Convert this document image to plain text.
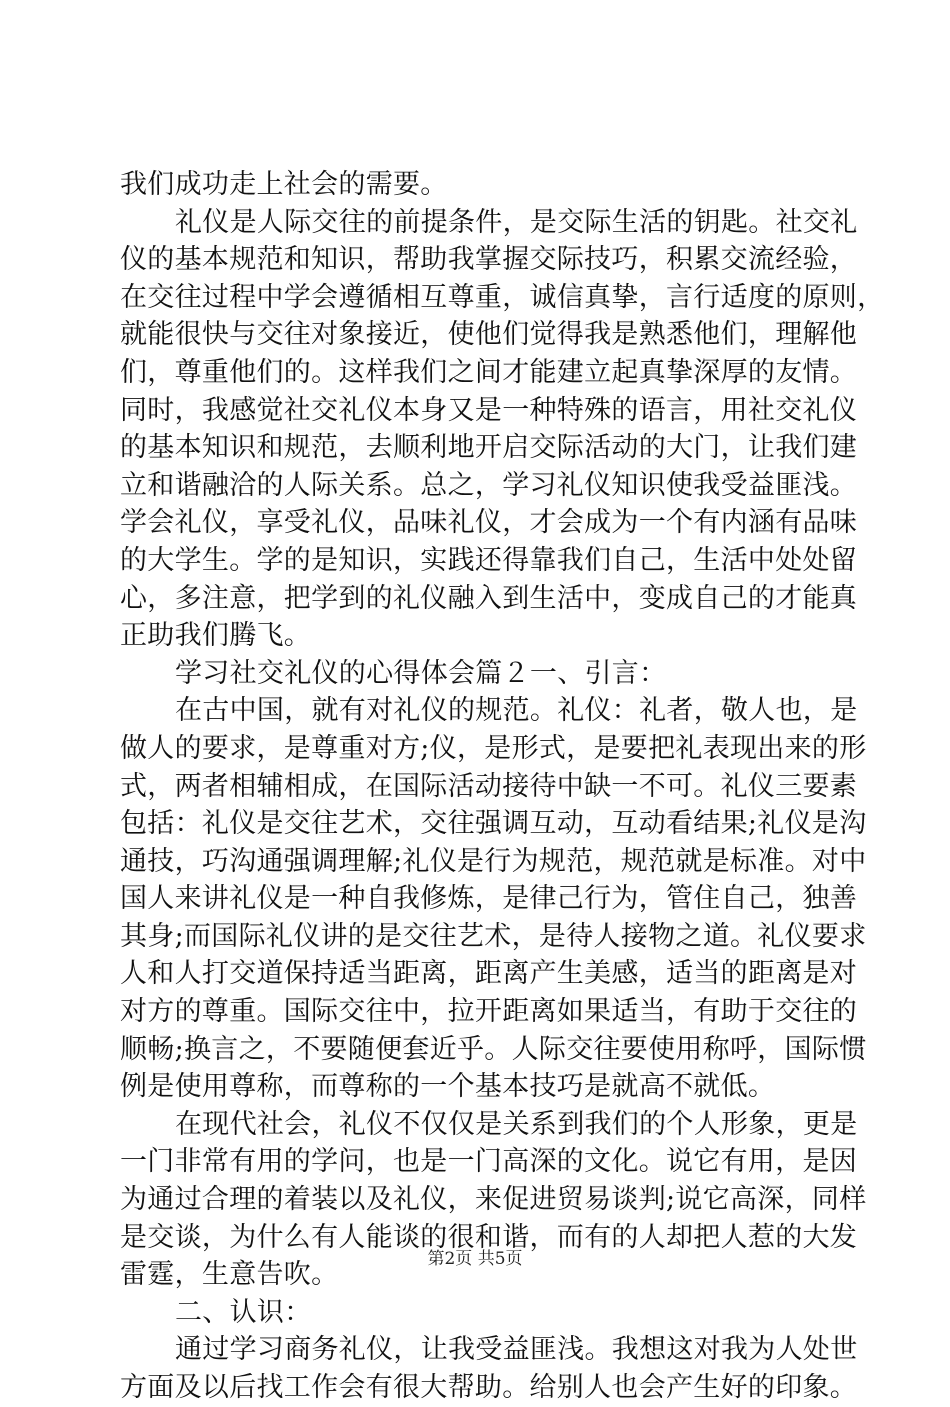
我们成功走上社会的需要。
礼仪是人际交往的前提条件，是交际生活的钥匙。社交礼
仪的基本规范和知识，帮助我掌握交际技巧，积累交流经验，
在交往过程中学会遵循相互尊重，诚信真挚，言行适度的原则，
就能很快与交往对象接近，使他们觉得我是熟悉他们，理解他
们，尊重他们的。这样我们之间才能建立起真挚深厚的友情。
同时，我感觉社交礼仪本身又是一种特殊的语言，用社交礼仪
的基本知识和规范，去顺利地开启交际活动的大门，让我们建
立和谐融洽的人际关系。总之，学习礼仪知识使我受益匪浅。
学会礼仪，享受礼仪，品味礼仪，才会成为一个有内涵有品味
的大学生。学的是知识，实践还得靠我们自己，生活中处处留
心，多注意，把学到的礼仪融入到生活中，变成自己的才能真
正助我们腾飞。
学习社交礼仪的心得体会篇２一、引言：
在古中国，就有对礼仪的规范。礼仪：礼者，敬人也，是
做人的要求，是尊重对方;仪，是形式，是要把礼表现出来的形
式，两者相辅相成，在国际活动接待中缺一不可。礼仪三要素
包括：礼仪是交往艺术，交往强调互动，互动看结果;礼仪是沟
通技，巧沟通强调理解;礼仪是行为规范，规范就是标准。对中
国人来讲礼仪是一种自我修炼，是律己行为，管住自己，独善
其身;而国际礼仪讲的是交往艺术，是待人接物之道。礼仪要求
人和人打交道保持适当距离，距离产生美感，适当的距离是对
对方的尊重。国际交往中，拉开距离如果适当，有助于交往的
顺畅;换言之，不要随便套近乎。人际交往要使用称呼，国际惯
例是使用尊称，而尊称的一个基本技巧是就高不就低。
在现代社会，礼仪不仅仅是关系到我们的个人形象，更是
一门非常有用的学问，也是一门高深的文化。说它有用，是因
为通过合理的着装以及礼仪，来促进贸易谈判;说它高深，同样
是交谈，为什么有人能谈的很和谐，而有的人却把人惹的大发
雷霆，生意告吹。
二、认识：
通过学习商务礼仪，让我受益匪浅。我想这对我为人处世
方面及以后找工作会有很大帮助。给别人也会产生好的印象。
第2页 共5页
